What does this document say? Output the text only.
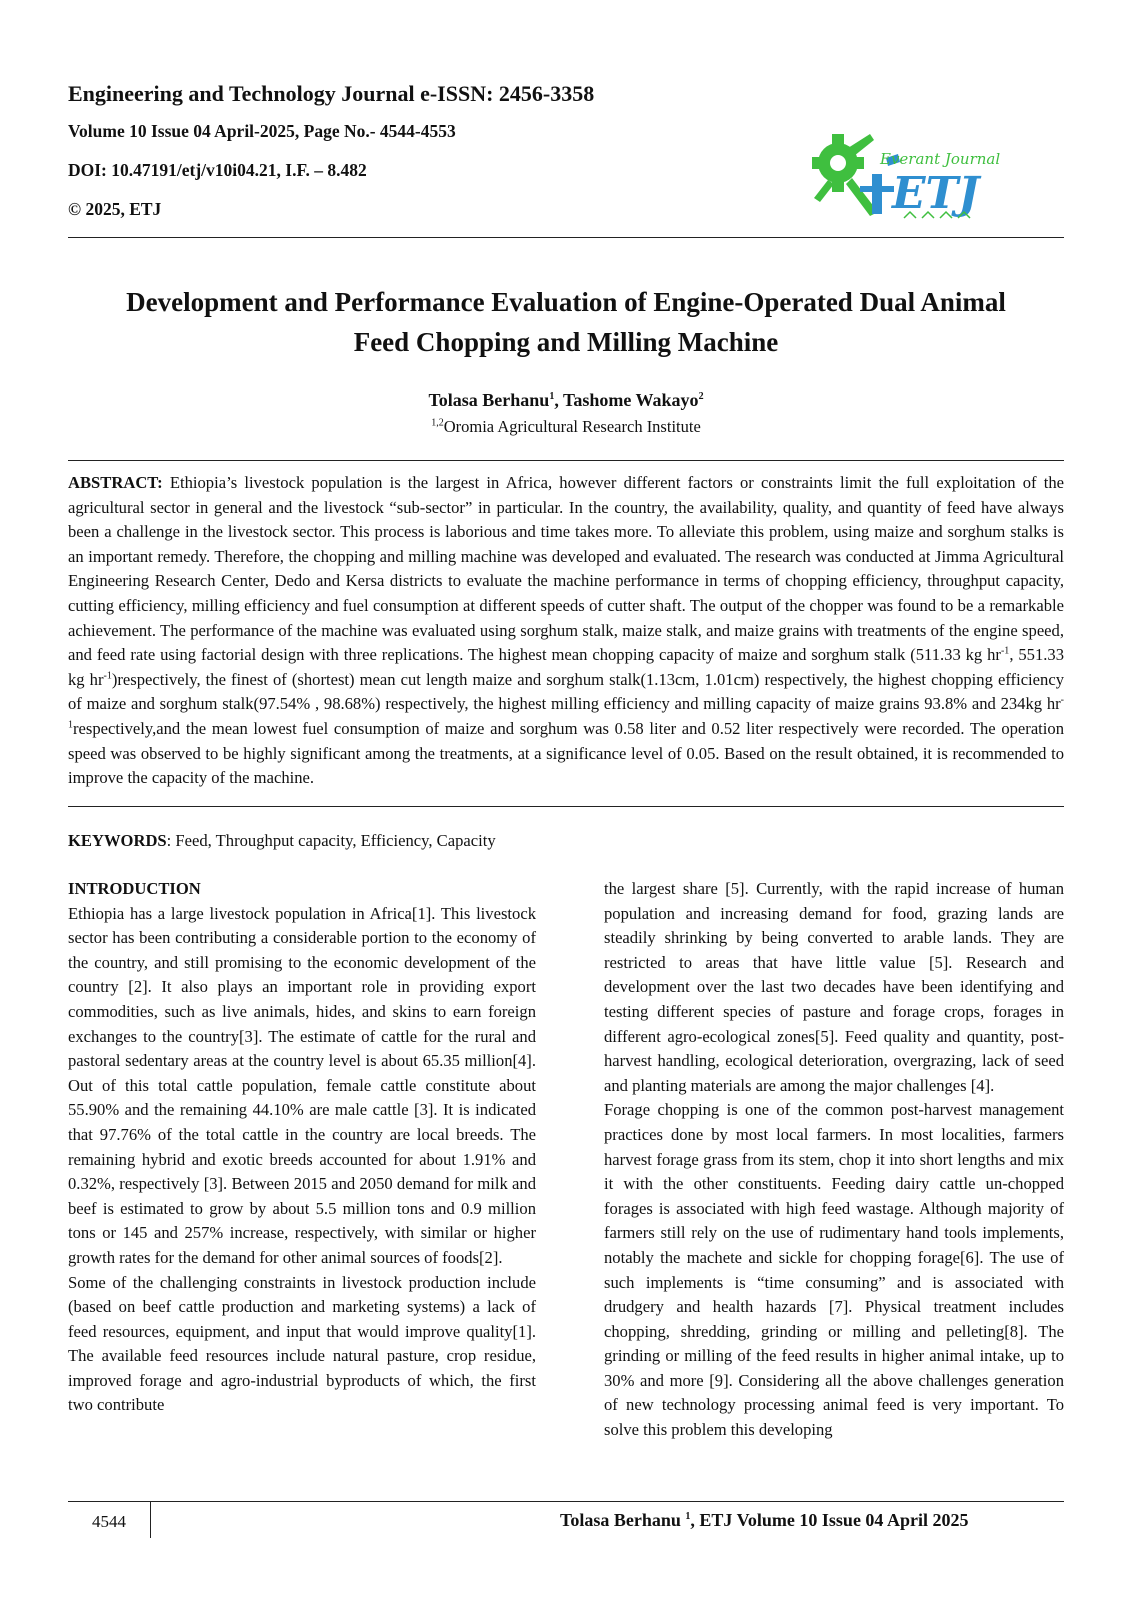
Engineering and Technology Journal e-ISSN: 2456-3358
Volume 10 Issue 04 April-2025, Page No.- 4544-4553
DOI: 10.47191/etj/v10i04.21, I.F. – 8.482
© 2025, ETJ
Everant Journal
ETJ
Development and Performance Evaluation of Engine-Operated Dual Animal
Feed Chopping and Milling Machine
Tolasa Berhanu$^1$, Tashome Wakayo$^2$
$^{1,2}$Oromia Agricultural Research Institute
ABSTRACT: Ethiopia’s livestock population is the largest in Africa, however different factors or constraints limit the full exploitation of the agricultural sector in general and the livestock “sub-sector” in particular. In the country, the availability, quality, and quantity of feed have always been a challenge in the livestock sector. This process is laborious and time takes more. To alleviate this problem, using maize and sorghum stalks is an important remedy. Therefore, the chopping and milling machine was developed and evaluated. The research was conducted at Jimma Agricultural Engineering Research Center, Dedo and Kersa districts to evaluate the machine performance in terms of chopping efficiency, throughput capacity, cutting efficiency, milling efficiency and fuel consumption at different speeds of cutter shaft. The output of the chopper was found to be a remarkable achievement. The performance of the machine was evaluated using sorghum stalk, maize stalk, and maize grains with treatments of the engine speed, and feed rate using factorial design with three replications. The highest mean chopping capacity of maize and sorghum stalk (511.33 kg $hr^{-1}$, 551.33 kg $hr^{-1})respectively$, the finest of (shortest) mean cut length maize and sorghum stalk(1.13cm, 1.01cm) respectively, the highest chopping efficiency of maize and sorghum stalk(97.54% , 98.68%) respectively, the highest milling efficiency and milling capacity of maize grains 93.8% and 234kg $hr^{-1}respectively,and$ the mean lowest fuel consumption of maize and sorghum was 0.58 liter and 0.52 liter respectively were recorded. The operation speed was observed to be highly significant among the treatments, at a significance level of 0.05. Based on the result obtained, it is recommended to improve the capacity of the machine.
KEYWORDS: Feed, Throughput capacity, Efficiency, Capacity

INTRODUCTION

Ethiopia has a large livestock population in Africa[1]. This livestock sector has been contributing a considerable portion to the economy of the country, and still promising to the economic development of the country [2]. It also plays an important role in providing export commodities, such as live animals, hides, and skins to earn foreign exchanges to the country[3]. The estimate of cattle for the rural and pastoral sedentary areas at the country level is about 65.35 million[4]. Out of this total cattle population, female cattle constitute about 55.90% and the remaining 44.10% are male cattle [3]. It is indicated that 97.76% of the total cattle in the country are local breeds. The remaining hybrid and exotic breeds accounted for about 1.91% and 0.32%, respectively [3]. Between 2015 and 2050 demand for milk and beef is estimated to grow by about 5.5 million tons and 0.9 million tons or 145 and 257% increase, respectively, with similar or higher growth rates for the demand for other animal sources of foods[2].

Some of the challenging constraints in livestock production include (based on beef cattle production and marketing systems) a lack of feed resources, equipment, and input that would improve quality[1]. The available feed resources include natural pasture, crop residue, improved forage and agro-industrial byproducts of which, the first two contribute

the largest share [5]. Currently, with the rapid increase of human population and increasing demand for food, grazing lands are steadily shrinking by being converted to arable lands. They are restricted to areas that have little value [5]. Research and development over the last two decades have been identifying and testing different species of pasture and forage crops, forages in different agro-ecological zones[5]. Feed quality and quantity, post-harvest handling, ecological deterioration, overgrazing, lack of seed and planting materials are among the major challenges [4].

Forage chopping is one of the common post-harvest management practices done by most local farmers. In most localities, farmers harvest forage grass from its stem, chop it into short lengths and mix it with the other constituents. Feeding dairy cattle un-chopped forages is associated with high feed wastage. Although majority of farmers still rely on the use of rudimentary hand tools implements, notably the machete and sickle for chopping forage[6]. The use of such implements is “time consuming” and is associated with drudgery and health hazards [7]. Physical treatment includes chopping, shredding, grinding or milling and pelleting[8]. The grinding or milling of the feed results in higher animal intake, up to 30% and more [9]. Considering all the above challenges generation of new technology processing animal feed is very important. To solve this problem this developing

4544	Tolasa Berhanu $^1$, ETJ Volume 10 Issue 04 April 2025
